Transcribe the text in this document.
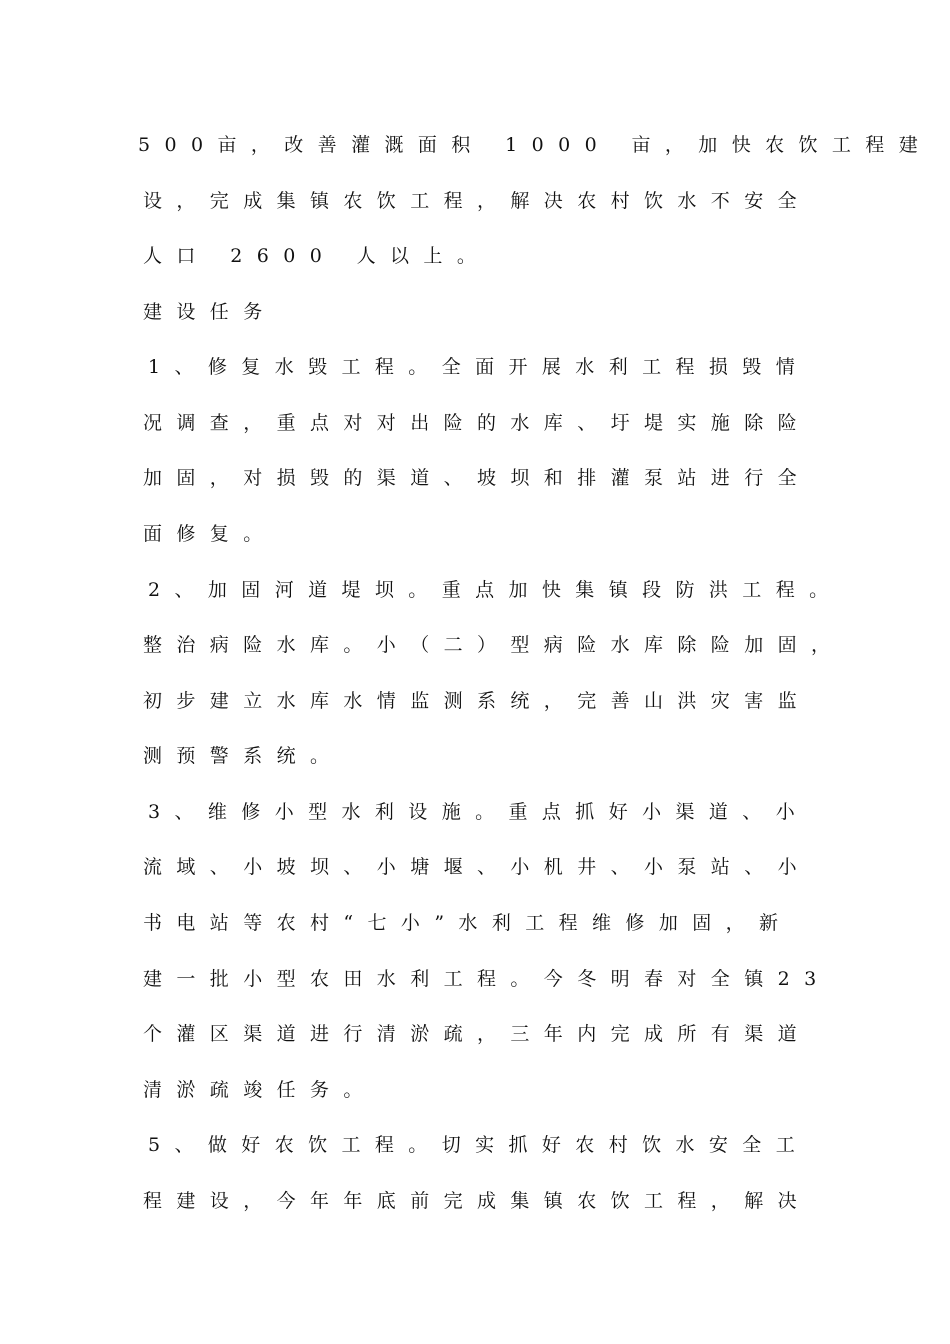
500亩，改善灌溉面积 1000 亩，加快农饮工程建
设，完成集镇农饮工程，解决农村饮水不安全
人口 2600 人以上。
建设任务
1、修复水毁工程。全面开展水利工程损毁情
况调查，重点对对出险的水库、圩堤实施除险
加固，对损毁的渠道、坡坝和排灌泵站进行全
面修复。
2、加固河道堤坝。重点加快集镇段防洪工程。
整治病险水库。小（二）型病险水库除险加固，
初步建立水库水情监测系统，完善山洪灾害监
测预警系统。
3、维修小型水利设施。重点抓好小渠道、小
流域、小坡坝、小塘堰、小机井、小泵站、小
书电站等农村“七小”水利工程维修加固，新
建一批小型农田水利工程。今冬明春对全镇23
个灌区渠道进行清淤疏，三年内完成所有渠道
清淤疏竣任务。
5、做好农饮工程。切实抓好农村饮水安全工
程建设，今年年底前完成集镇农饮工程，解决
